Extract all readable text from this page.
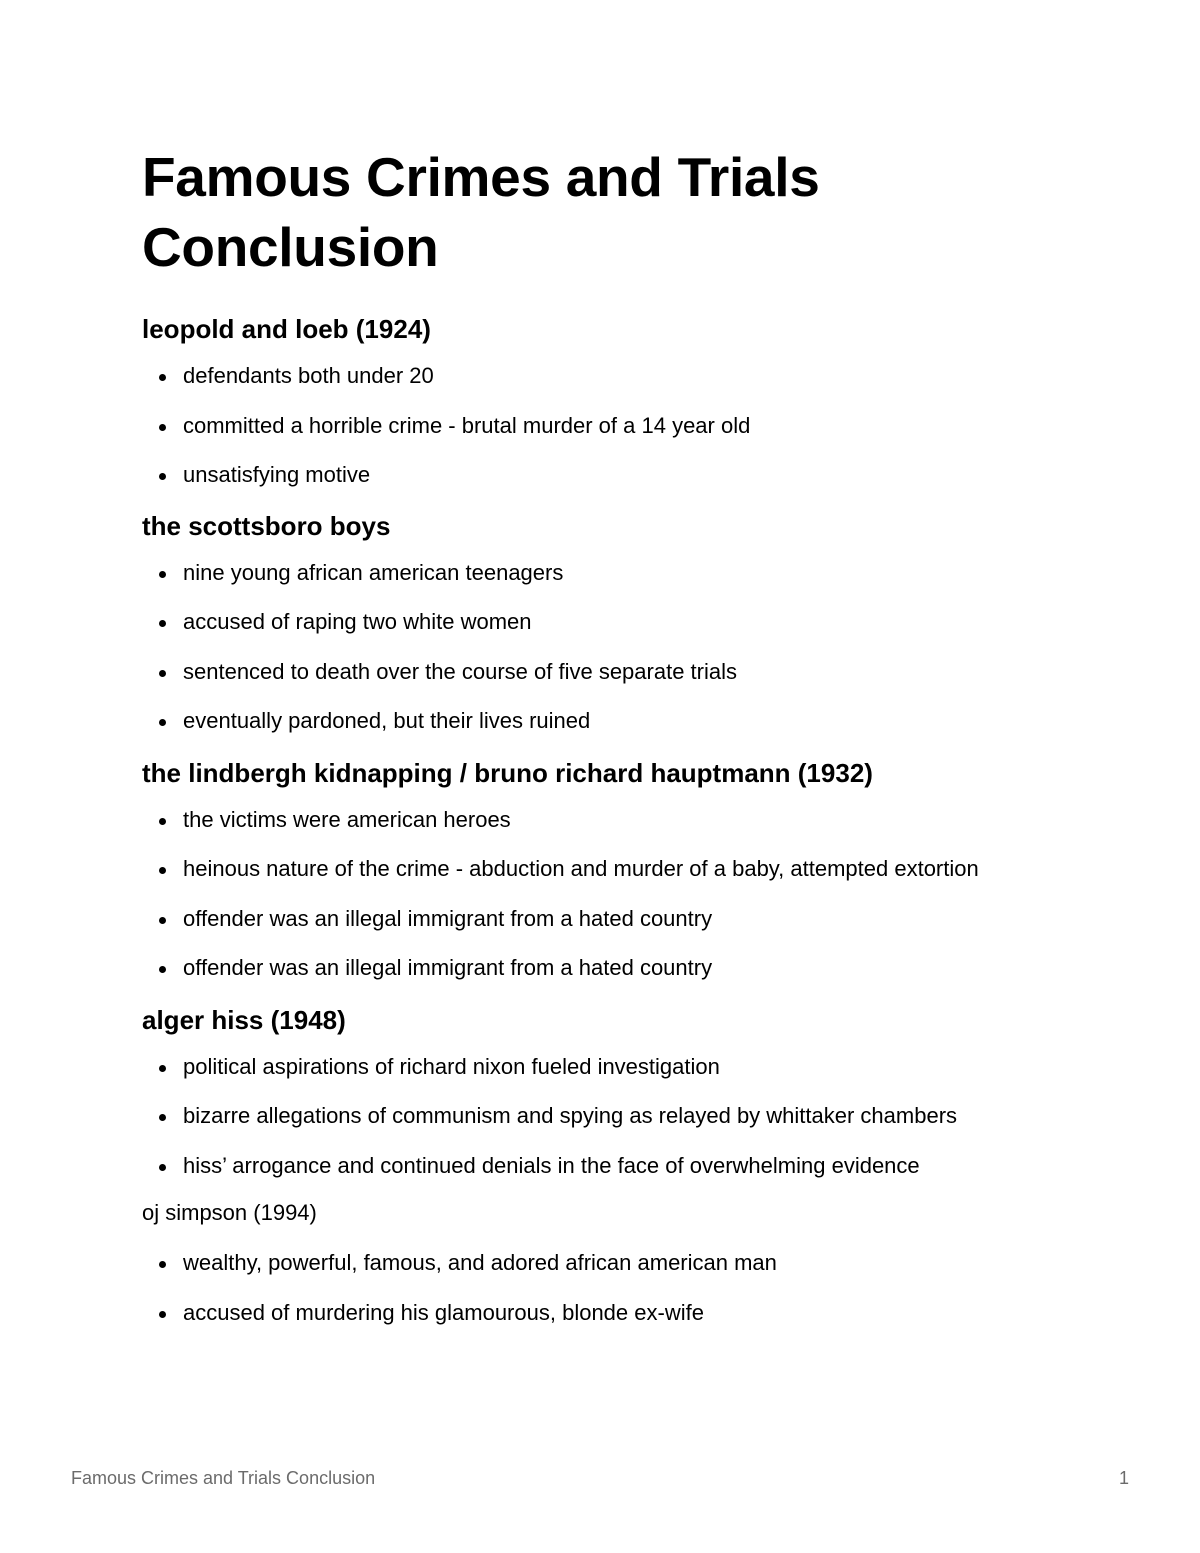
Famous Crimes and Trials
Conclusion
leopold and loeb (1924)
defendants both under 20
committed a horrible crime - brutal murder of a 14 year old
unsatisfying motive
the scottsboro boys
nine young african american teenagers
accused of raping two white women
sentenced to death over the course of five separate trials
eventually pardoned, but their lives ruined
the lindbergh kidnapping / bruno richard hauptmann (1932)
the victims were american heroes
heinous nature of the crime - abduction and murder of a baby, attempted extortion
offender was an illegal immigrant from a hated country
offender was an illegal immigrant from a hated country
alger hiss (1948)
political aspirations of richard nixon fueled investigation
bizarre allegations of communism and spying as relayed by whittaker chambers
hiss’ arrogance and continued denials in the face of overwhelming evidence

oj simpson (1994)

wealthy, powerful, famous, and adored african american man
accused of murdering his glamourous, blonde ex-wife
Famous Crimes and Trials Conclusion	1
